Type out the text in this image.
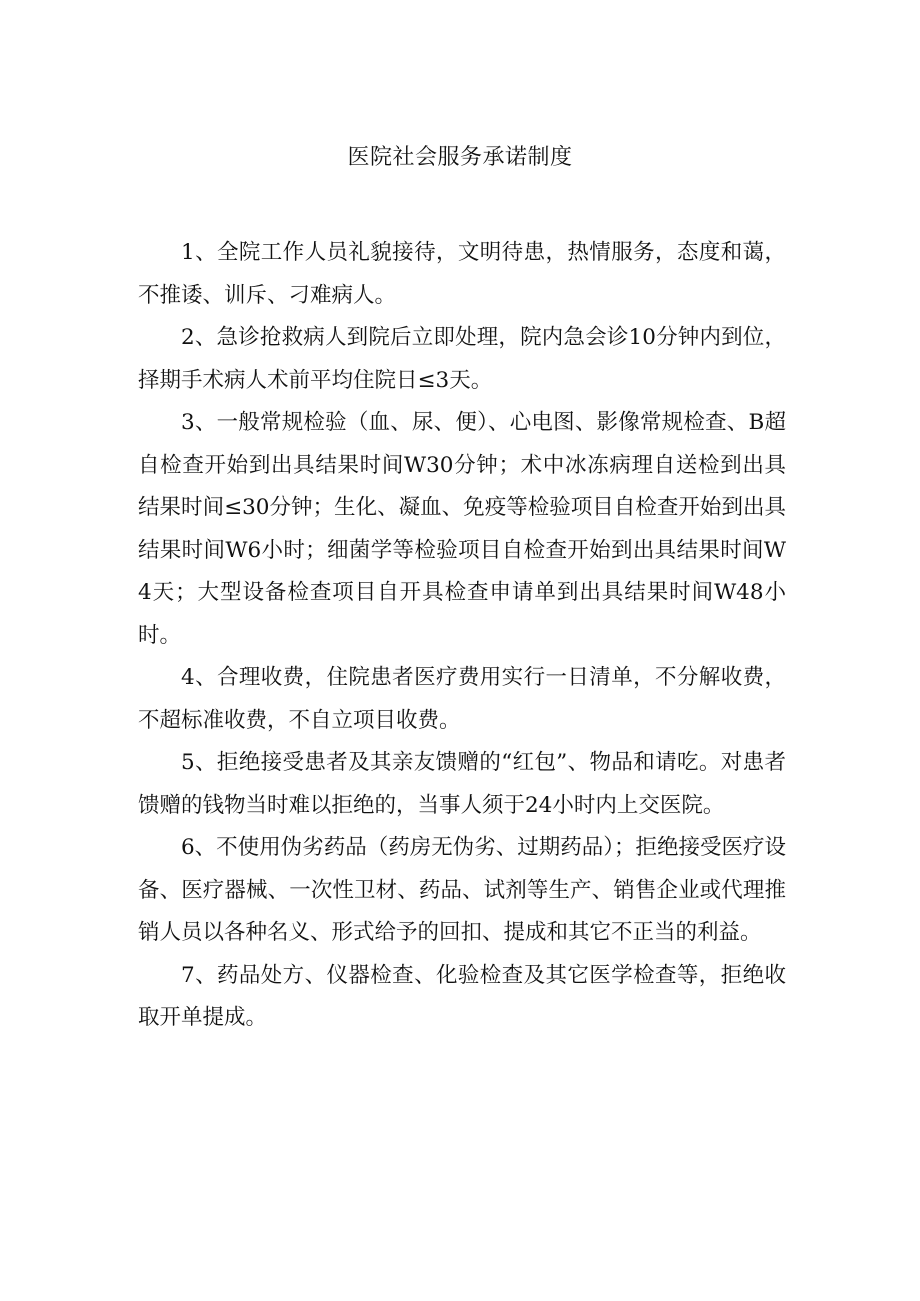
医院社会服务承诺制度

1、全院工作人员礼貌接待，文明待患，热情服务，态度和蔼，不推诿、训斥、刁难病人。

2、急诊抢救病人到院后立即处理，院内急会诊10分钟内到位，择期手术病人术前平均住院日≤3天。

3、一般常规检验（血、尿、便）、心电图、影像常规检查、B超自检查开始到出具结果时间W30分钟；术中冰冻病理自送检到出具结果时间≤30分钟；生化、凝血、免疫等检验项目自检查开始到出具结果时间W6小时；细菌学等检验项目自检查开始到出具结果时间W4天；大型设备检查项目自开具检查申请单到出具结果时间W48小时。

4、合理收费，住院患者医疗费用实行一日清单，不分解收费，不超标准收费，不自立项目收费。

5、拒绝接受患者及其亲友馈赠的“红包”、物品和请吃。对患者馈赠的钱物当时难以拒绝的，当事人须于24小时内上交医院。

6、不使用伪劣药品（药房无伪劣、过期药品）；拒绝接受医疗设备、医疗器械、一次性卫材、药品、试剂等生产、销售企业或代理推销人员以各种名义、形式给予的回扣、提成和其它不正当的利益。

7、药品处方、仪器检查、化验检查及其它医学检查等，拒绝收取开单提成。
